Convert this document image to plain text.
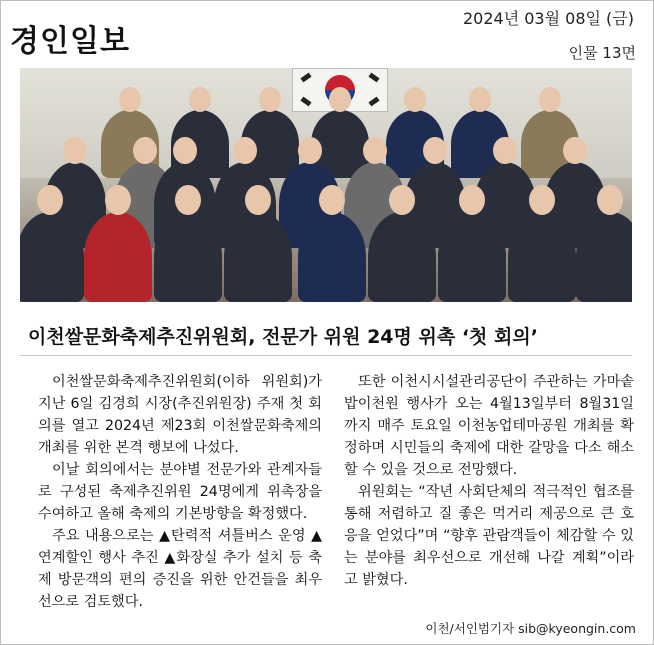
경인일보
2024년 03월 08일 (금)
인물 13면
이천쌀문화축제추진위원회, 전문가 위원 24명 위촉 ‘첫 회의’

이천쌀문화축제추진위원회(이하 위원회)가 지난 6일 김경희 시장(추진위원장) 주재 첫 회의를 열고 2024년 제23회 이천쌀문화축제의 개최를 위한 본격 행보에 나섰다.

이날 회의에서는 분야별 전문가와 관계자들로 구성된 축제추진위원 24명에게 위촉장을 수여하고 올해 축제의 기본방향을 확정했다.

주요 내용으로는 ▲탄력적 셔틀버스 운영 ▲연계할인 행사 추진 ▲화장실 추가 설치 등 축제 방문객의 편의 증진을 위한 안건들을 최우선으로 검토했다.

또한 이천시시설관리공단이 주관하는 가마솥밥이천원 행사가 오는 4월13일부터 8월31일까지 매주 토요일 이천농업테마공원 개최를 확정하며 시민들의 축제에 대한 갈망을 다소 해소할 수 있을 것으로 전망했다.

위원회는 “작년 사회단체의 적극적인 협조를 통해 저렴하고 질 좋은 먹거리 제공으로 큰 호응을 얻었다”며 “향후 관람객들이 체감할 수 있는 분야를 최우선으로 개선해 나갈 계획”이라고 밝혔다.

이천/서인범기자 sib@kyeongin.com
